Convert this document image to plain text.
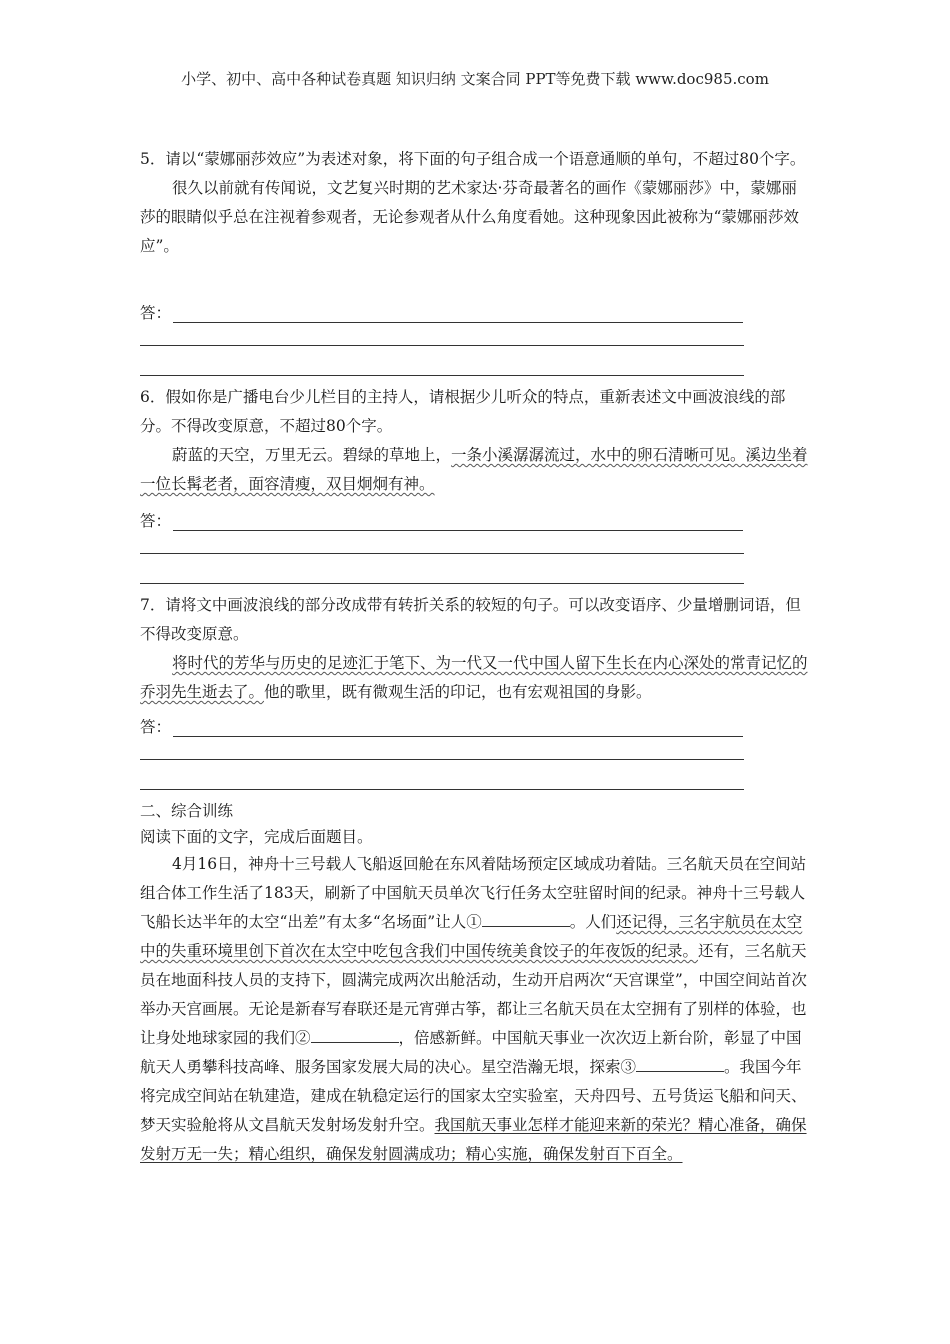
小学、初中、高中各种试卷真题 知识归纳 文案合同 PPT等免费下载 www.doc985.com

5．请以“蒙娜丽莎效应”为表述对象，将下面的句子组合成一个语意通顺的单句，不超过80个字。

很久以前就有传闻说，文艺复兴时期的艺术家达·芬奇最著名的画作《蒙娜丽莎》中，蒙娜丽莎的眼睛似乎总在注视着参观者，无论参观者从什么角度看她。这种现象因此被称为“蒙娜丽莎效应”。

答：

6．假如你是广播电台少儿栏目的主持人，请根据少儿听众的特点，重新表述文中画波浪线的部分。不得改变原意，不超过80个字。

蔚蓝的天空，万里无云。碧绿的草地上，一条小溪潺潺流过，水中的卵石清晰可见。溪边坐着一位长髯老者，面容清瘦，双目炯炯有神。

答：

7．请将文中画波浪线的部分改成带有转折关系的较短的句子。可以改变语序、少量增删词语，但不得改变原意。

将时代的芳华与历史的足迹汇于笔下、为一代又一代中国人留下生长在内心深处的常青记忆的乔羽先生逝去了。他的歌里，既有微观生活的印记，也有宏观祖国的身影。

答：
二、综合训练
阅读下面的文字，完成后面题目。

4月16日，神舟十三号载人飞船返回舱在东风着陆场预定区域成功着陆。三名航天员在空间站组合体工作生活了183天，刷新了中国航天员单次飞行任务太空驻留时间的纪录。神舟十三号载人飞船长达半年的太空“出差”有太多“名场面”让人①	。人们还记得，三名宇航员在太空中的失重环境里创下首次在太空中吃包含我们中国传统美食饺子的年夜饭的纪录。还有，三名航天员在地面科技人员的支持下，圆满完成两次出舱活动，生动开启两次“天宫课堂”，中国空间站首次举办天宫画展。无论是新春写春联还是元宵弹古筝，都让三名航天员在太空拥有了别样的体验，也让身处地球家园的我们②	，倍感新鲜。中国航天事业一次次迈上新台阶，彰显了中国航天人勇攀科技高峰、服务国家发展大局的决心。星空浩瀚无垠，探索③	。我国今年将完成空间站在轨建造，建成在轨稳定运行的国家太空实验室，天舟四号、五号货运飞船和问天、梦天实验舱将从文昌航天发射场发射升空。我国航天事业怎样才能迎来新的荣光？精心准备，确保发射万无一失；精心组织，确保发射圆满成功；精心实施，确保发射百下百全。
